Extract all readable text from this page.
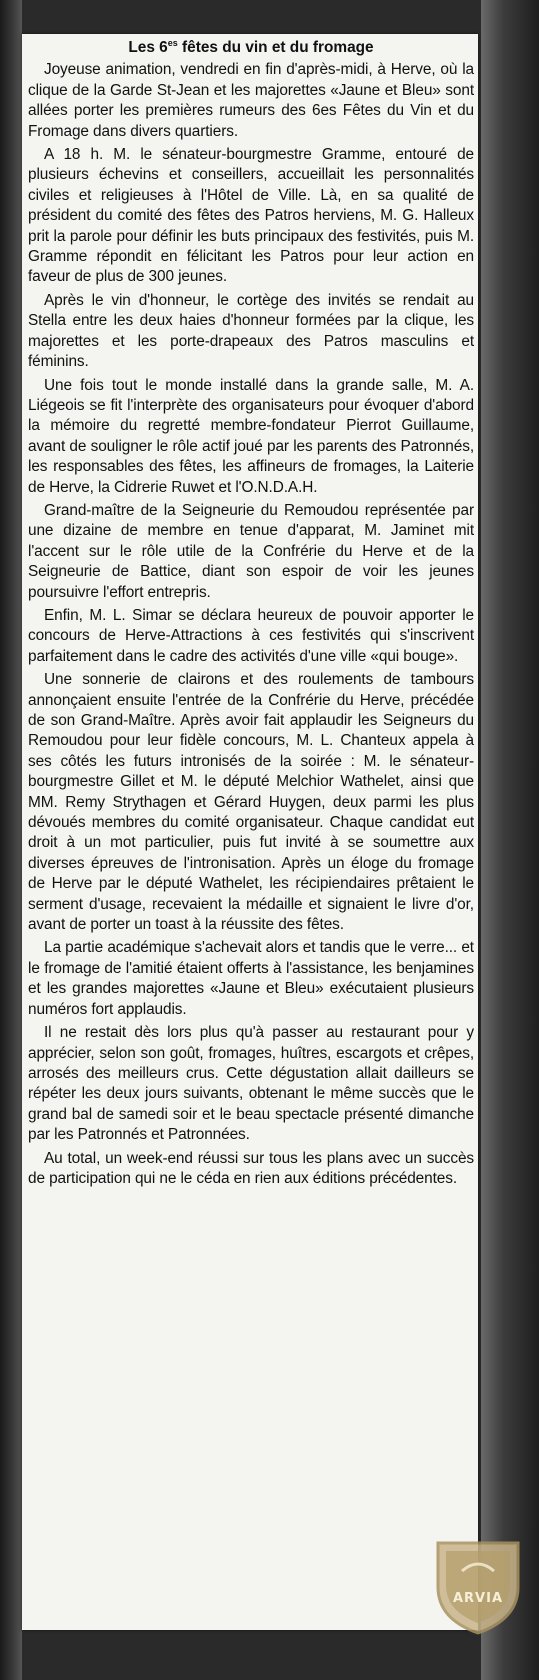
Les $6^{es}$ fêtes du vin et du fromage

Joyeuse animation, vendredi en fin d'après-midi, à Herve, où la clique de la Garde St-Jean et les majorettes «Jaune et Bleu» sont allées porter les premières rumeurs des 6es Fêtes du Vin et du Fromage dans divers quartiers.

A 18 h. M. le sénateur-bourgmestre Gramme, entouré de plusieurs échevins et conseillers, accueillait les personnalités civiles et religieuses à l'Hôtel de Ville. Là, en sa qualité de président du comité des fêtes des Patros herviens, M. G. Halleux prit la parole pour définir les buts principaux des festivités, puis M. Gramme répondit en félicitant les Patros pour leur action en faveur de plus de 300 jeunes.

Après le vin d'honneur, le cortège des invités se rendait au Stella entre les deux haies d'honneur formées par la clique, les majorettes et les porte-drapeaux des Patros masculins et féminins.

Une fois tout le monde installé dans la grande salle, M. A. Liégeois se fit l'interprète des organisateurs pour évoquer d'abord la mémoire du regretté membre-fondateur Pierrot Guillaume, avant de souligner le rôle actif joué par les parents des Patronnés, les responsables des fêtes, les affineurs de fromages, la Laiterie de Herve, la Cidrerie Ruwet et l'O.N.D.A.H.

Grand-maître de la Seigneurie du Remoudou représentée par une dizaine de membre en tenue d'apparat, M. Jaminet mit l'accent sur le rôle utile de la Confrérie du Herve et de la Seigneurie de Battice, diant son espoir de voir les jeunes poursuivre l'effort entrepris.

Enfin, M. L. Simar se déclara heureux de pouvoir apporter le concours de Herve-Attractions à ces festivités qui s'inscrivent parfaitement dans le cadre des activités d'une ville «qui bouge».

Une sonnerie de clairons et des roulements de tambours annonçaient ensuite l'entrée de la Confrérie du Herve, précédée de son Grand-Maître. Après avoir fait applaudir les Seigneurs du Remoudou pour leur fidèle concours, M. L. Chanteux appela à ses côtés les futurs intronisés de la soirée : M. le sénateur-bourgmestre Gillet et M. le député Melchior Wathelet, ainsi que MM. Remy Strythagen et Gérard Huygen, deux parmi les plus dévoués membres du comité organisateur. Chaque candidat eut droit à un mot particulier, puis fut invité à se soumettre aux diverses épreuves de l'intronisation. Après un éloge du fromage de Herve par le député Wathelet, les récipiendaires prêtaient le serment d'usage, recevaient la médaille et signaient le livre d'or, avant de porter un toast à la réussite des fêtes.

La partie académique s'achevait alors et tandis que le verre... et le fromage de l'amitié étaient offerts à l'assistance, les benjamines et les grandes majorettes «Jaune et Bleu» exécutaient plusieurs numéros fort applaudis.

Il ne restait dès lors plus qu'à passer au restaurant pour y apprécier, selon son goût, fromages, huîtres, escargots et crêpes, arrosés des meilleurs crus. Cette dégustation allait dailleurs se répéter les deux jours suivants, obtenant le même succès que le grand bal de samedi soir et le beau spectacle présenté dimanche par les Patronnés et Patronnées.

Au total, un week-end réussi sur tous les plans avec un succès de participation qui ne le céda en rien aux éditions précédentes.

ARVIA
